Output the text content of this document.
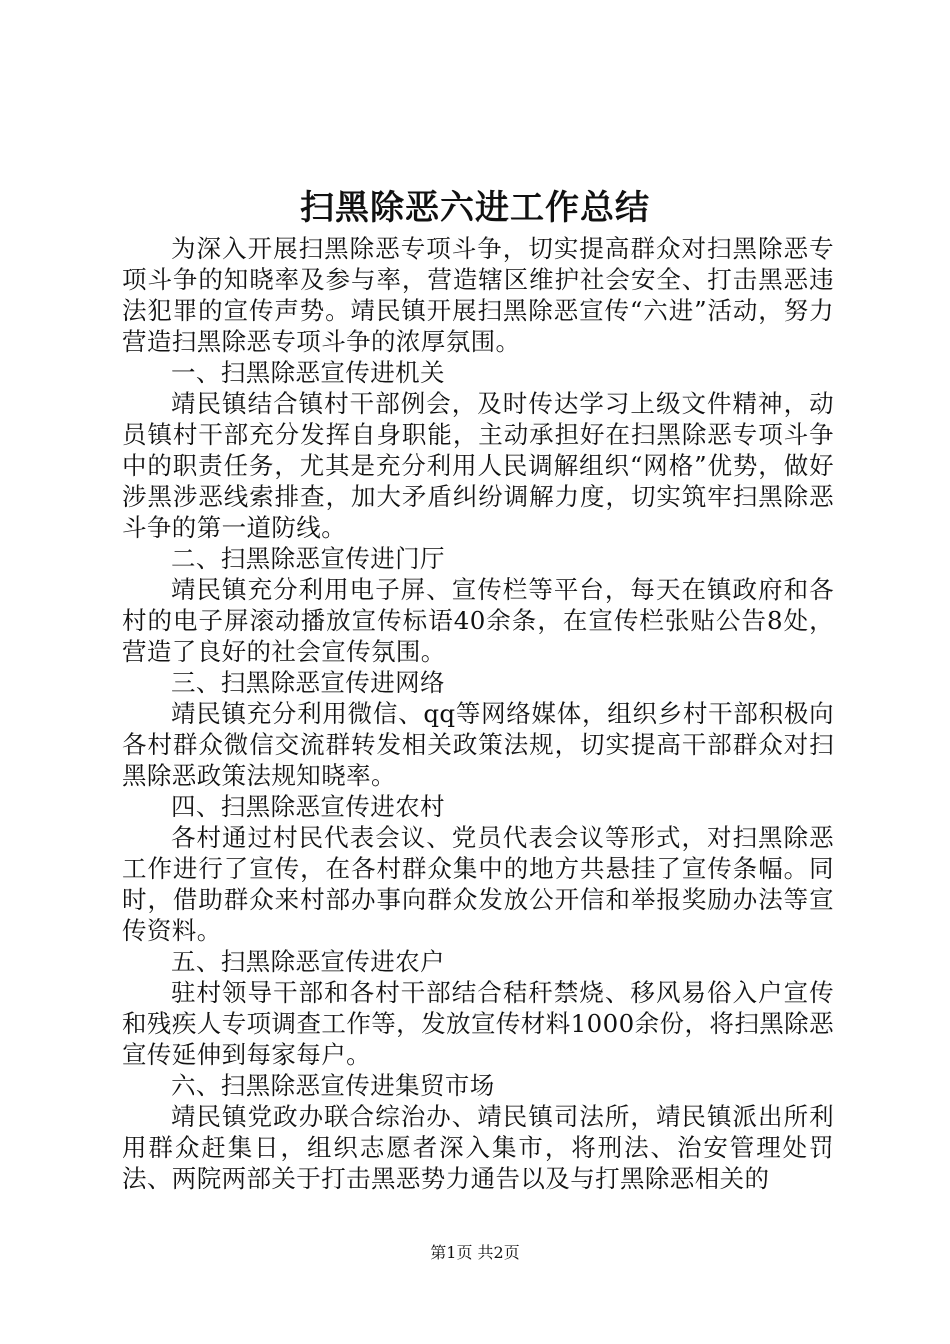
扫黑除恶六进工作总结

为深入开展扫黑除恶专项斗争，切实提高群众对扫黑除恶专项斗争的知晓率及参与率，营造辖区维护社会安全、打击黑恶违法犯罪的宣传声势。靖民镇开展扫黑除恶宣传“六进”活动，努力营造扫黑除恶专项斗争的浓厚氛围。

一、扫黑除恶宣传进机关

靖民镇结合镇村干部例会，及时传达学习上级文件精神，动员镇村干部充分发挥自身职能，主动承担好在扫黑除恶专项斗争中的职责任务，尤其是充分利用人民调解组织“网格”优势，做好涉黑涉恶线索排查，加大矛盾纠纷调解力度，切实筑牢扫黑除恶斗争的第一道防线。

二、扫黑除恶宣传进门厅

靖民镇充分利用电子屏、宣传栏等平台，每天在镇政府和各村的电子屏滚动播放宣传标语40余条，在宣传栏张贴公告8处，营造了良好的社会宣传氛围。

三、扫黑除恶宣传进网络

靖民镇充分利用微信、qq等网络媒体，组织乡村干部积极向各村群众微信交流群转发相关政策法规，切实提高干部群众对扫黑除恶政策法规知晓率。

四、扫黑除恶宣传进农村

各村通过村民代表会议、党员代表会议等形式，对扫黑除恶工作进行了宣传，在各村群众集中的地方共悬挂了宣传条幅。同时，借助群众来村部办事向群众发放公开信和举报奖励办法等宣传资料。

五、扫黑除恶宣传进农户

驻村领导干部和各村干部结合秸秆禁烧、移风易俗入户宣传和残疾人专项调查工作等，发放宣传材料1000余份，将扫黑除恶宣传延伸到每家每户。

六、扫黑除恶宣传进集贸市场

靖民镇党政办联合综治办、靖民镇司法所，靖民镇派出所利用群众赶集日，组织志愿者深入集市，将刑法、治安管理处罚法、两院两部关于打击黑恶势力通告以及与打黑除恶相关的

第1页 共2页
